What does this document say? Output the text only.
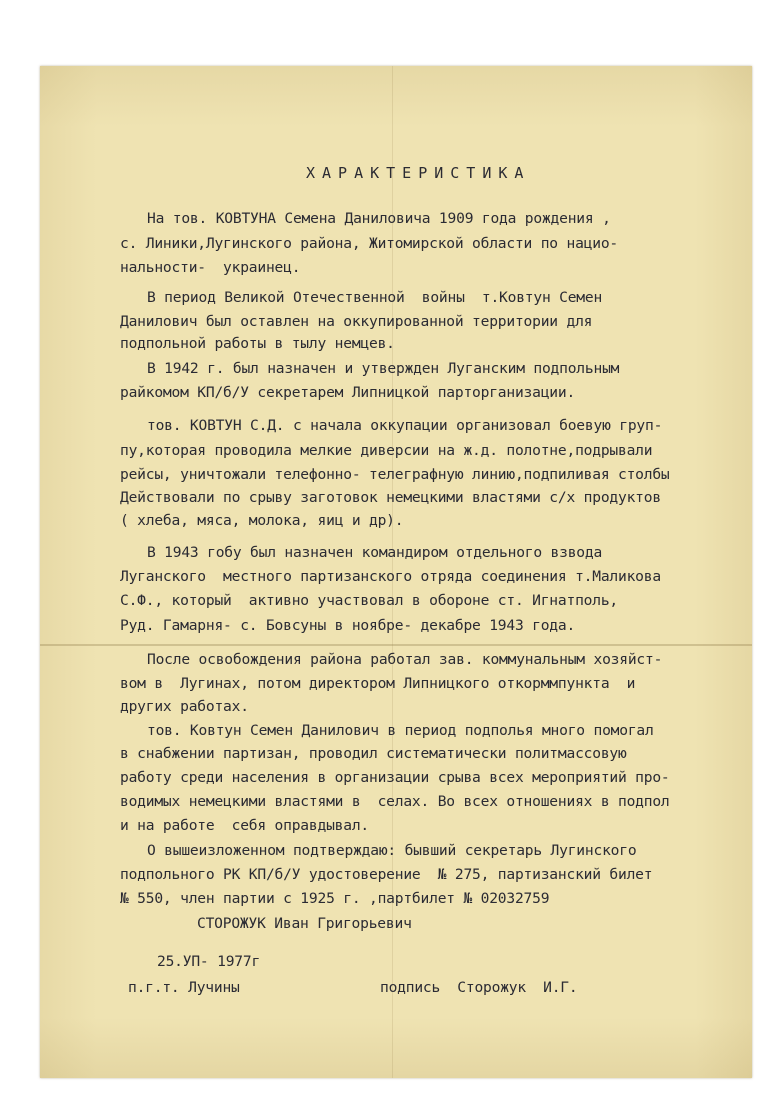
ХАРАКТЕРИСТИКА
На тов. КОВТУНА Семена Даниловича 1909 года рождения ,
с. Линики,Лугинского района, Житомирской области по нацио-
нальности-  украинец.
В период Великой Отечественной  войны  т.Ковтун Семен
Данилович был оставлен на оккупированной территории для
подпольной работы в тылу немцев.
В 1942 г. был назначен и утвержден Луганским подпольным
райкомом КП/б/У секретарем Липницкой парторганизации.
тов. КОВТУН С.Д. с начала оккупации организовал боевую груп-
пу,которая проводила мелкие диверсии на ж.д. полотне,подрывали
рейсы, уничтожали телефонно- телеграфную линию,подпиливая столбы
Действовали по срыву заготовок немецкими властями с/х продуктов
( хлеба, мяса, молока, яиц и др).
В 1943 гобу был назначен командиром отдельного взвода
Луганского  местного партизанского отряда соединения т.Маликова
С.Ф., который  активно участвовал в обороне ст. Игнатполь,
Руд. Гамарня- с. Бовсуны в ноябре- декабре 1943 года.
После освобождения района работал зав. коммунальным хозяйст-
вом в  Лугинах, потом директором Липницкого откорммпункта  и
других работах.
тов. Ковтун Семен Данилович в период подполья много помогал
в снабжении партизан, проводил систематически политмассовую
работу среди населения в организации срыва всех мероприятий про-
водимых немецкими властями в  селах. Во всех отношениях в подпол
и на работе  себя оправдывал.
О вышеизложенном подтверждаю: бывший секретарь Лугинского
подпольного РК КП/б/У удостоверение  № 275, партизанский билет
№ 550, член партии с 1925 г. ,партбилет № 02032759
СТОРОЖУК Иван Григорьевич
25.УП- 1977г
п.г.т. Лучины	подпись  Сторожук  И.Г.
